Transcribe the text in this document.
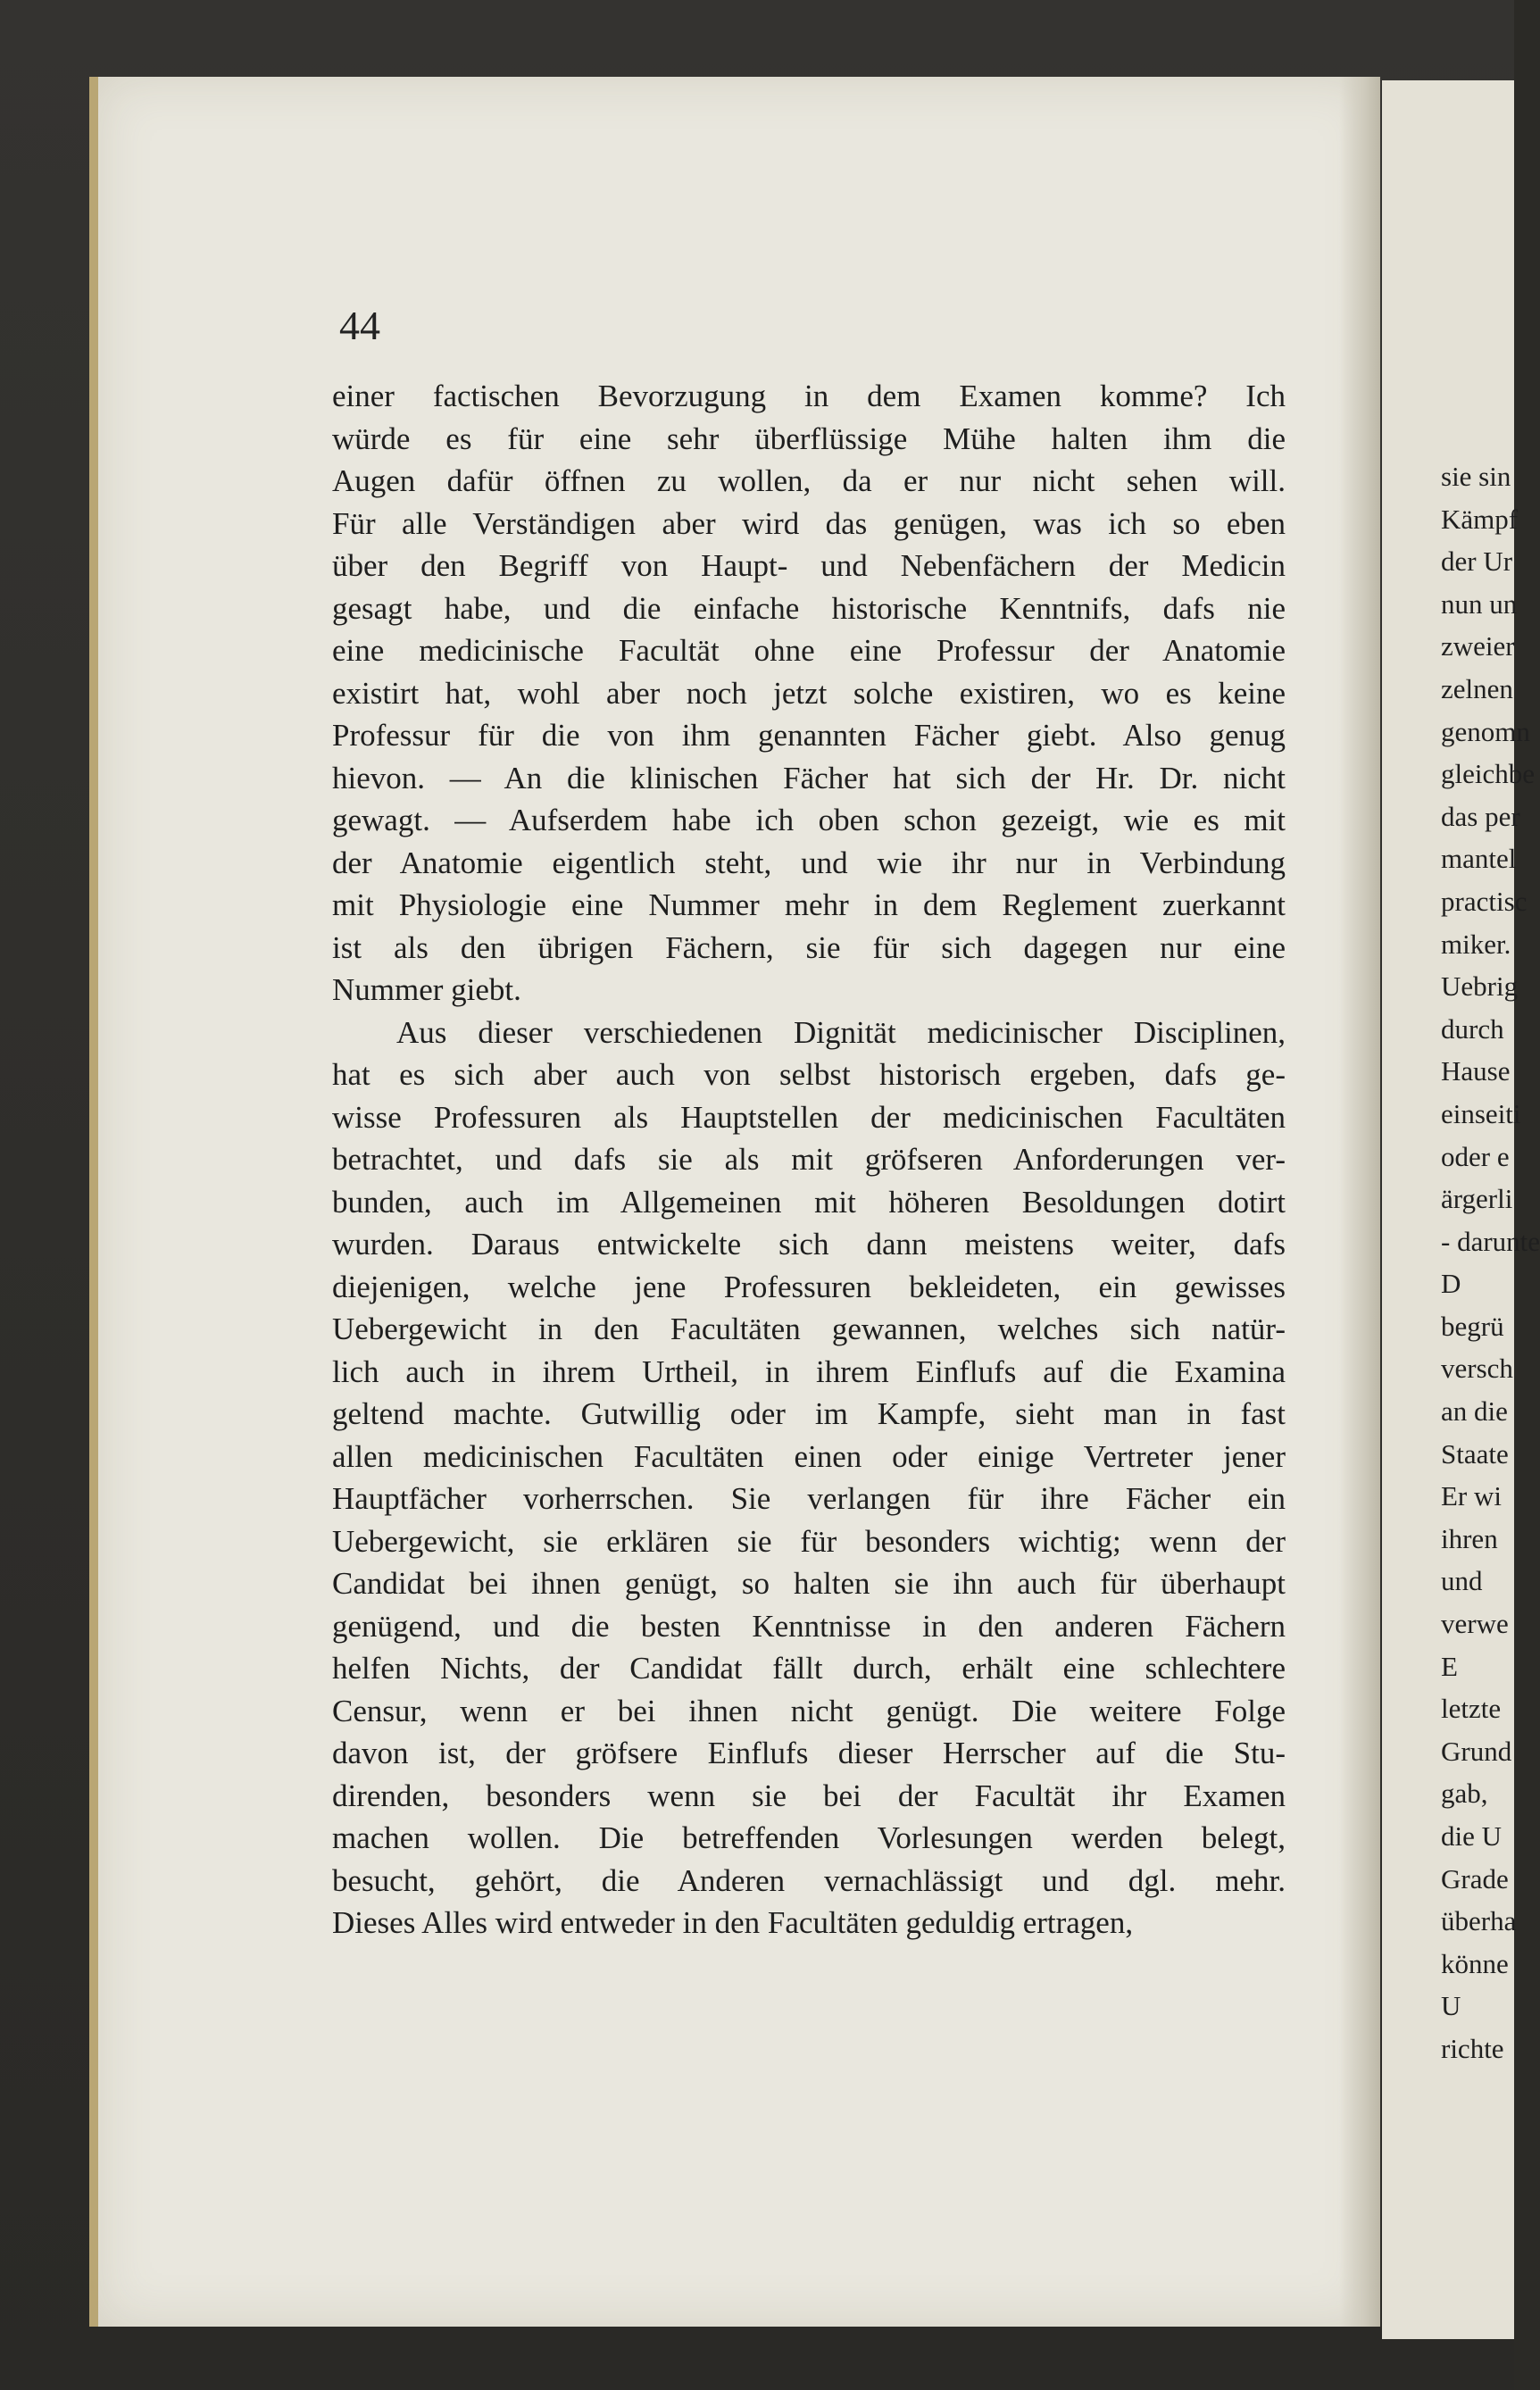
sie sin
Kämpf
der Ur
nun un
zweier
zelnen
genomn
gleichbe
das per
mantel
practisc
miker.
Uebrig
durch
Hause
einseiti
oder e
ärgerli
- darunte
D
begrü
versch
an die
Staate
Er wi
ihren
und
verwe
E
letzte
Grund
gab,
die U
Grade
überha
könne
U
richte

44

einer factischen Bevorzugung in dem Examen komme? Ich
würde es für eine sehr überflüssige Mühe halten ihm die
Augen dafür öffnen zu wollen, da er nur nicht sehen will.
Für alle Verständigen aber wird das genügen, was ich so eben
über den Begriff von Haupt- und Nebenfächern der Medicin
gesagt habe, und die einfache historische Kenntnifs, dafs nie
eine medicinische Facultät ohne eine Professur der Anatomie
existirt hat, wohl aber noch jetzt solche existiren, wo es keine
Professur für die von ihm genannten Fächer giebt. Also genug
hievon. — An die klinischen Fächer hat sich der Hr. Dr. nicht
gewagt. — Aufserdem habe ich oben schon gezeigt, wie es mit
der Anatomie eigentlich steht, und wie ihr nur in Verbindung
mit Physiologie eine Nummer mehr in dem Reglement zuerkannt
ist als den übrigen Fächern, sie für sich dagegen nur eine
Nummer giebt.
Aus dieser verschiedenen Dignität medicinischer Disciplinen,
hat es sich aber auch von selbst historisch ergeben, dafs ge-
wisse Professuren als Hauptstellen der medicinischen Facultäten
betrachtet, und dafs sie als mit gröfseren Anforderungen ver-
bunden, auch im Allgemeinen mit höheren Besoldungen dotirt
wurden. Daraus entwickelte sich dann meistens weiter, dafs
diejenigen, welche jene Professuren bekleideten, ein gewisses
Uebergewicht in den Facultäten gewannen, welches sich natür-
lich auch in ihrem Urtheil, in ihrem Einflufs auf die Examina
geltend machte. Gutwillig oder im Kampfe, sieht man in fast
allen medicinischen Facultäten einen oder einige Vertreter jener
Hauptfächer vorherrschen. Sie verlangen für ihre Fächer ein
Uebergewicht, sie erklären sie für besonders wichtig; wenn der
Candidat bei ihnen genügt, so halten sie ihn auch für überhaupt
genügend, und die besten Kenntnisse in den anderen Fächern
helfen Nichts, der Candidat fällt durch, erhält eine schlechtere
Censur, wenn er bei ihnen nicht genügt. Die weitere Folge
davon ist, der gröfsere Einflufs dieser Herrscher auf die Stu-
direnden, besonders wenn sie bei der Facultät ihr Examen
machen wollen. Die betreffenden Vorlesungen werden belegt,
besucht, gehört, die Anderen vernachlässigt und dgl. mehr.
Dieses Alles wird entweder in den Facultäten geduldig ertragen,
